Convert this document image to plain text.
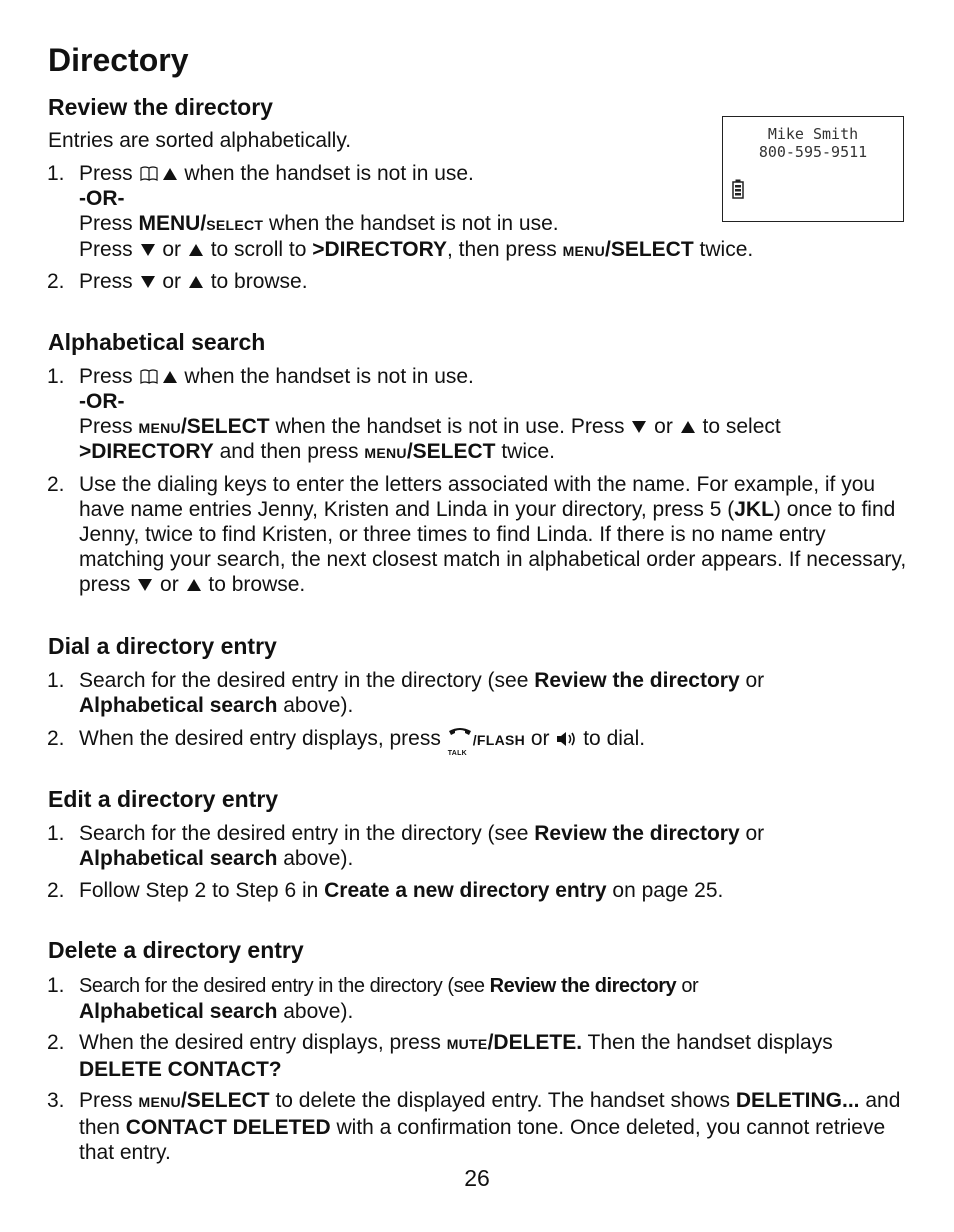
Directory
Mike Smith
800-595-9511
Review the directory

Entries are sorted alphabetically.

1. Press  when the handset is not in use.
-OR-
Press MENU/SELECT when the handset is not in use.
Press  or  to scroll to >DIRECTORY, then press MENU/SELECT twice.
2. Press  or  to browse.
Alphabetical search
1. Press  when the handset is not in use.
-OR-
Press MENU/SELECT when the handset is not in use. Press  or  to select
>DIRECTORY and then press MENU/SELECT twice.
2. Use the dialing keys to enter the letters associated with the name. For example, if you have name entries Jenny, Kristen and Linda in your directory, press 5 (JKL) once to find Jenny, twice to find Kristen, or three times to find Linda. If there is no name entry matching your search, the next closest match in alphabetical order appears. If necessary, press  or  to browse.
Dial a directory entry
1. Search for the desired entry in the directory (see Review the directory or
Alphabetical search above).
2. When the desired entry displays, press
TALK
/FLASH or  to dial.
Edit a directory entry
1. Search for the desired entry in the directory (see Review the directory or
Alphabetical search above).
2. Follow Step 2 to Step 6 in Create a new directory entry on page 25.
Delete a directory entry
1. Search for the desired entry in the directory (see Review the directory or
Alphabetical search above).
2. When the desired entry displays, press MUTE/DELETE. Then the handset displays DELETE CONTACT?
3. Press MENU/SELECT to delete the displayed entry. The handset shows DELETING... and then CONTACT DELETED with a confirmation tone. Once deleted, you cannot retrieve that entry.
26
